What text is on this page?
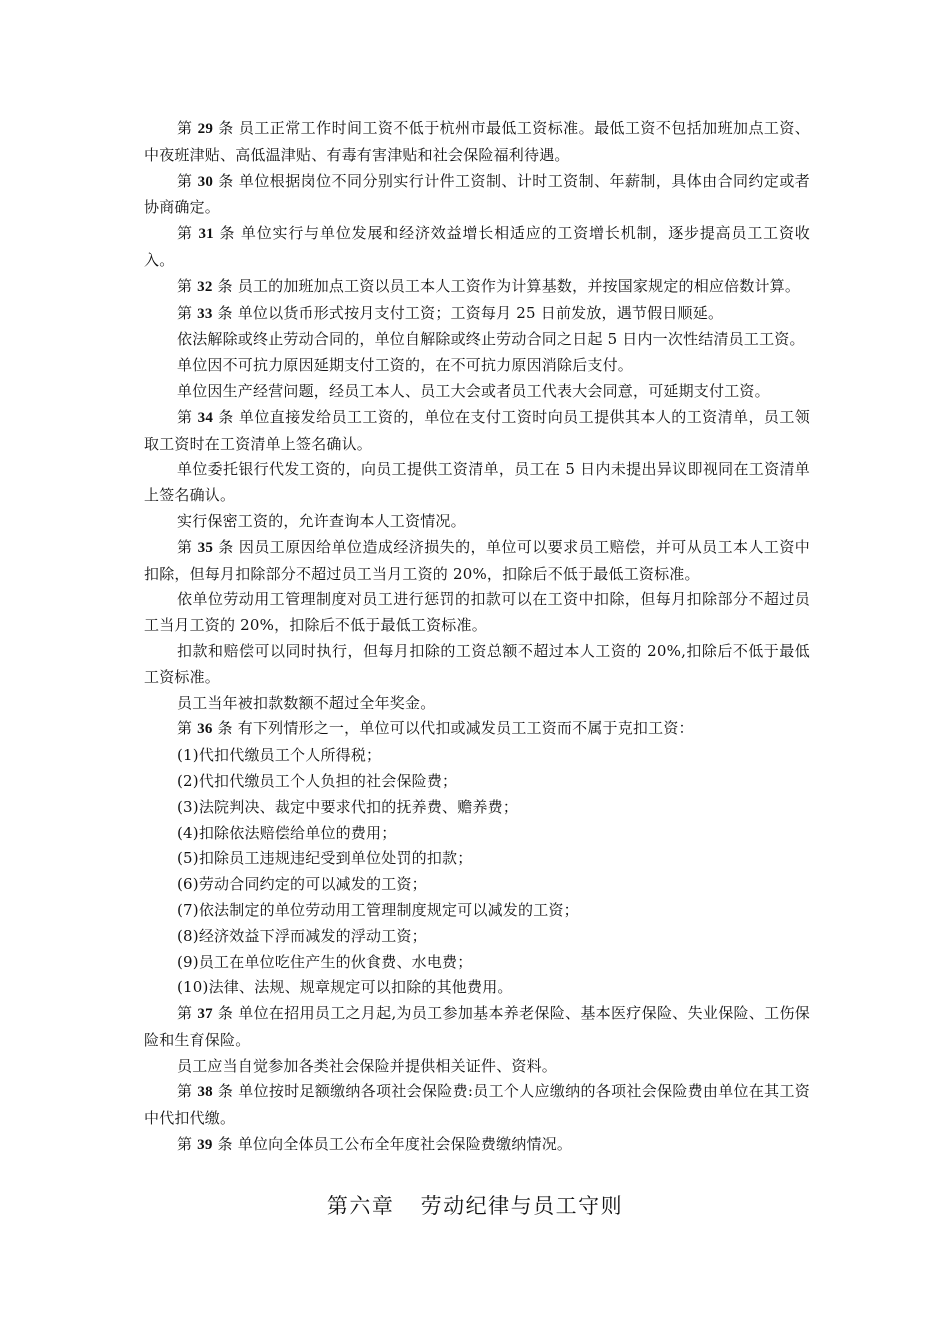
第 29 条 员工正常工作时间工资不低于杭州市最低工资标准。最低工资不包括加班加点工资、中夜班津贴、高低温津贴、有毒有害津贴和社会保险福利待遇。

第 30 条 单位根据岗位不同分别实行计件工资制、计时工资制、年薪制，具体由合同约定或者协商确定。

第 31 条 单位实行与单位发展和经济效益增长相适应的工资增长机制，逐步提高员工工资收入。

第 32 条 员工的加班加点工资以员工本人工资作为计算基数，并按国家规定的相应倍数计算。

第 33 条 单位以货币形式按月支付工资；工资每月 25 日前发放，遇节假日顺延。

依法解除或终止劳动合同的，单位自解除或终止劳动合同之日起 5 日内一次性结清员工工资。

单位因不可抗力原因延期支付工资的，在不可抗力原因消除后支付。

单位因生产经营问题，经员工本人、员工大会或者员工代表大会同意，可延期支付工资。

第 34 条 单位直接发给员工工资的，单位在支付工资时向员工提供其本人的工资清单，员工领取工资时在工资清单上签名确认。

单位委托银行代发工资的，向员工提供工资清单，员工在 5 日内未提出异议即视同在工资清单上签名确认。

实行保密工资的，允许查询本人工资情况。

第 35 条 因员工原因给单位造成经济损失的，单位可以要求员工赔偿，并可从员工本人工资中扣除，但每月扣除部分不超过员工当月工资的 20%，扣除后不低于最低工资标准。

依单位劳动用工管理制度对员工进行惩罚的扣款可以在工资中扣除，但每月扣除部分不超过员工当月工资的 20%，扣除后不低于最低工资标准。

扣款和赔偿可以同时执行，但每月扣除的工资总额不超过本人工资的 20%,扣除后不低于最低工资标准。

员工当年被扣款数额不超过全年奖金。

第 36 条 有下列情形之一，单位可以代扣或减发员工工资而不属于克扣工资：

(1)代扣代缴员工个人所得税；

(2)代扣代缴员工个人负担的社会保险费；

(3)法院判决、裁定中要求代扣的抚养费、赡养费；

(4)扣除依法赔偿给单位的费用；

(5)扣除员工违规违纪受到单位处罚的扣款；

(6)劳动合同约定的可以减发的工资；

(7)依法制定的单位劳动用工管理制度规定可以减发的工资；

(8)经济效益下浮而减发的浮动工资；

(9)员工在单位吃住产生的伙食费、水电费；

(10)法律、法规、规章规定可以扣除的其他费用。

第 37 条 单位在招用员工之月起,为员工参加基本养老保险、基本医疗保险、失业保险、工伤保险和生育保险。

员工应当自觉参加各类社会保险并提供相关证件、资料。

第 38 条 单位按时足额缴纳各项社会保险费:员工个人应缴纳的各项社会保险费由单位在其工资中代扣代缴。

第 39 条 单位向全体员工公布全年度社会保险费缴纳情况。

第六章 劳动纪律与员工守则
